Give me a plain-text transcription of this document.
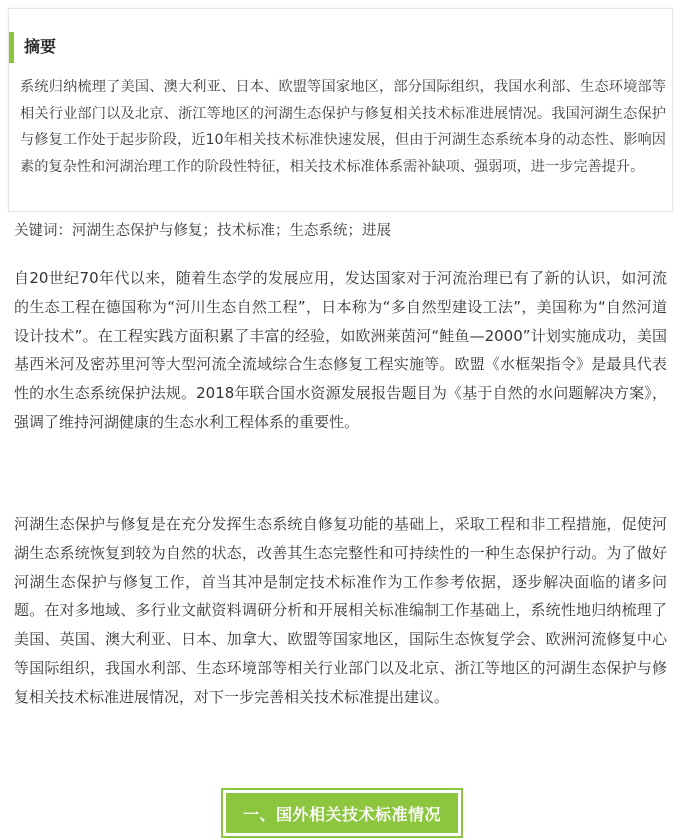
摘要

系统归纳梳理了美国、澳大利亚、日本、欧盟等国家地区，部分国际组织，我国水利部、生态环境部等相关行业部门以及北京、浙江等地区的河湖生态保护与修复相关技术标准进展情况。我国河湖生态保护与修复工作处于起步阶段，近10年相关技术标准快速发展，但由于河湖生态系统本身的动态性、影响因素的复杂性和河湖治理工作的阶段性特征，相关技术标准体系需补缺项、强弱项，进一步完善提升。

关键词：河湖生态保护与修复；技术标准；生态系统；进展

自20世纪70年代以来，随着生态学的发展应用，发达国家对于河流治理已有了新的认识，如河流的生态工程在德国称为“河川生态自然工程”，日本称为“多自然型建设工法”，美国称为“自然河道设计技术”。在工程实践方面积累了丰富的经验，如欧洲莱茵河“鲑鱼—2000”计划实施成功，美国基西米河及密苏里河等大型河流全流域综合生态修复工程实施等。欧盟《水框架指令》是最具代表性的水生态系统保护法规。2018年联合国水资源发展报告题目为《基于自然的水问题解决方案》，强调了维持河湖健康的生态水利工程体系的重要性。

河湖生态保护与修复是在充分发挥生态系统自修复功能的基础上，采取工程和非工程措施，促使河湖生态系统恢复到较为自然的状态，改善其生态完整性和可持续性的一种生态保护行动。为了做好河湖生态保护与修复工作，首当其冲是制定技术标准作为工作参考依据，逐步解决面临的诸多问题。在对多地域、多行业文献资料调研分析和开展相关标准编制工作基础上，系统性地归纳梳理了美国、英国、澳大利亚、日本、加拿大、欧盟等国家地区，国际生态恢复学会、欧洲河流修复中心等国际组织，我国水利部、生态环境部等相关行业部门以及北京、浙江等地区的河湖生态保护与修复相关技术标准进展情况，对下一步完善相关技术标准提出建议。

一、国外相关技术标准情况
